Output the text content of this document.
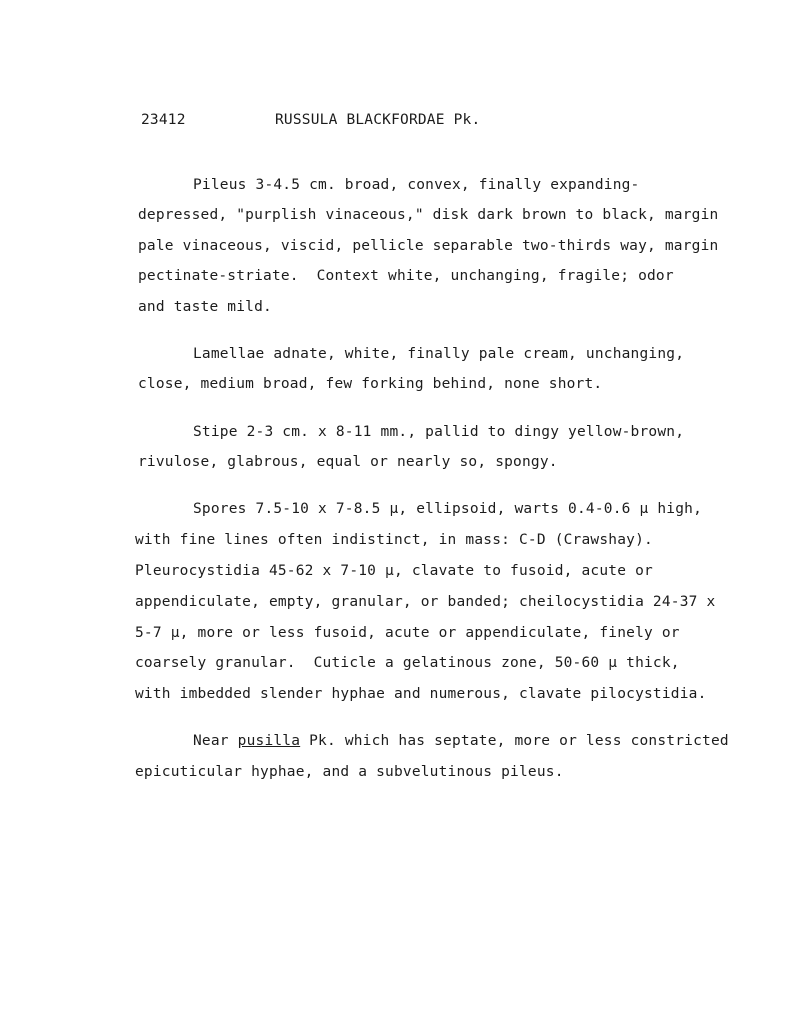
23412	RUSSULA BLACKFORDAE Pk.
Pileus 3-4.5 cm. broad, convex, finally expanding-
depressed, "purplish vinaceous," disk dark brown to black, margin
pale vinaceous, viscid, pellicle separable two-thirds way, margin
pectinate-striate.  Context white, unchanging, fragile; odor
and taste mild.
Lamellae adnate, white, finally pale cream, unchanging,
close, medium broad, few forking behind, none short.
Stipe 2-3 cm. x 8-11 mm., pallid to dingy yellow-brown,
rivulose, glabrous, equal or nearly so, spongy.
Spores 7.5-10 x 7-8.5 µ, ellipsoid, warts 0.4-0.6 µ high,
with fine lines often indistinct, in mass: C-D (Crawshay).
Pleurocystidia 45-62 x 7-10 µ, clavate to fusoid, acute or
appendiculate, empty, granular, or banded; cheilocystidia 24-37 x
5-7 µ, more or less fusoid, acute or appendiculate, finely or
coarsely granular.  Cuticle a gelatinous zone, 50-60 µ thick,
with imbedded slender hyphae and numerous, clavate pilocystidia.
Near pusilla Pk. which has septate, more or less constricted
epicuticular hyphae, and a subvelutinous pileus.
